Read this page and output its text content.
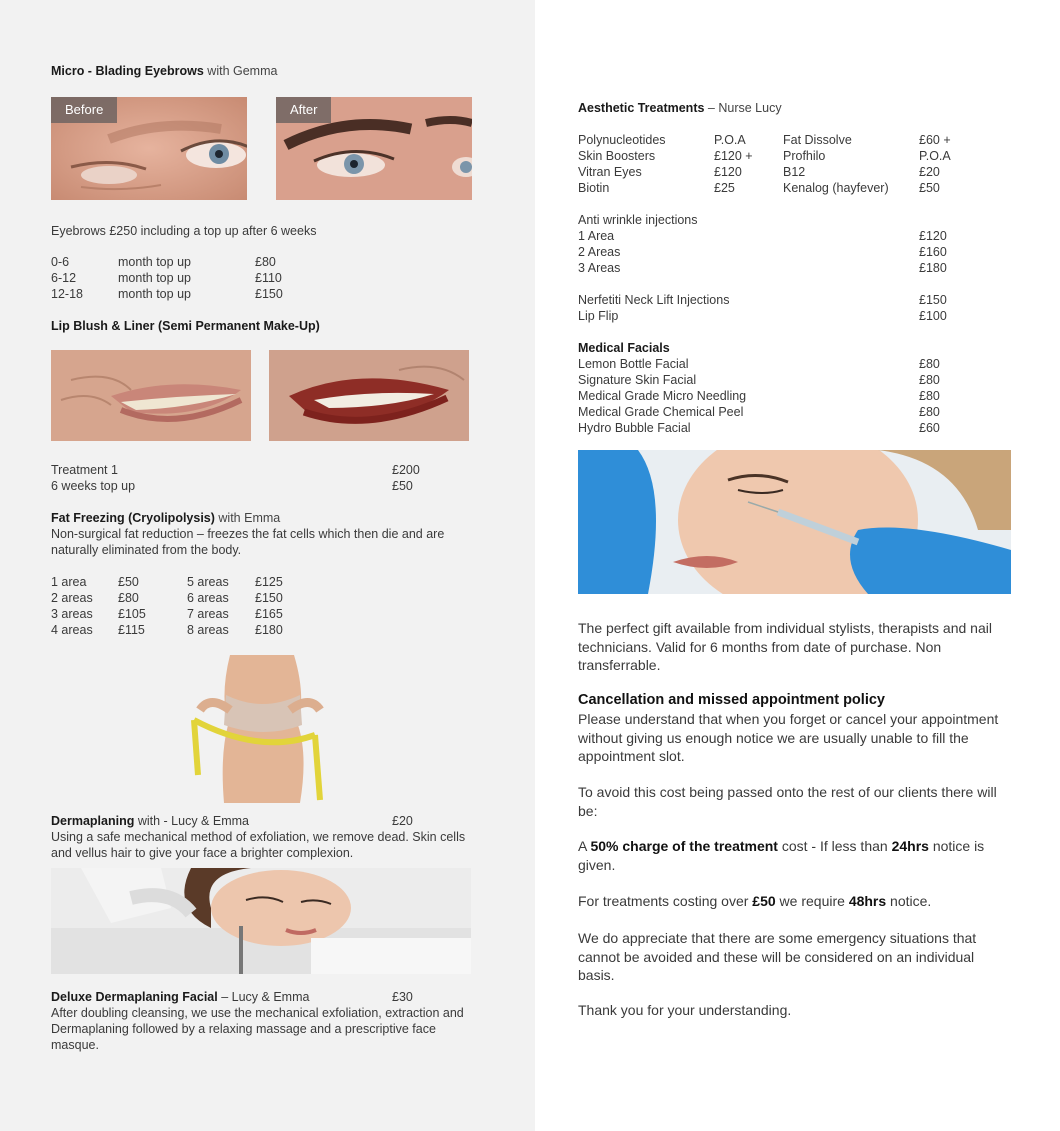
Micro - Blading Eyebrows with Gemma
Before	After
Eyebrows £250 including a top up after 6 weeks
0-6	month top up	£80
6-12	month top up	£110
12-18	month top up	£150
Lip Blush & Liner (Semi Permanent Make-Up)
Treatment 1	£200
6 weeks top up	£50
Fat Freezing (Cryolipolysis) with Emma
Non-surgical fat reduction – freezes the fat cells which then die and are naturally eliminated from the body.
1 area	£50	5 areas £125
2 areas £80	6 areas £150
3 areas £105	7 areas £165
4 areas £115	8 areas £180
Dermaplaning with - Lucy & Emma	£20
Using a safe mechanical method of exfoliation, we remove dead. Skin cells and vellus hair to give your face a brighter complexion.
Deluxe Dermaplaning Facial – Lucy & Emma	£30
After doubling cleansing, we use the mechanical exfoliation, extraction and Dermaplaning followed by a relaxing massage and a prescriptive face masque.
Aesthetic Treatments – Nurse Lucy
Polynucleotides	P.O.A	Fat Dissolve	£60 +
Skin Boosters	£120 + Profhilo	P.O.A
Vitran Eyes	£120	B12	£20
Biotin	£25	Kenalog (hayfever) £50
Anti wrinkle injections
1 Area	£120
2 Areas	£160
3 Areas	£180
Nerfetiti Neck Lift Injections	£150
Lip Flip	£100
Medical Facials
Lemon Bottle Facial	£80
Signature Skin Facial	£80
Medical Grade Micro Needling	£80
Medical Grade Chemical Peel	£80
Hydro Bubble Facial	£60
The perfect gift available from individual stylists, therapists and nail technicians. Valid for 6 months from date of purchase. Non transferrable.
Cancellation and missed appointment policy
Please understand that when you forget or cancel your appointment without giving us enough notice we are usually unable to fill the appointment slot.
To avoid this cost being passed onto the rest of our clients there will be:
A 50% charge of the treatment cost - If less than 24hrs notice is given.
For treatments costing over £50 we require 48hrs notice.
We do appreciate that there are some emergency situations that cannot be avoided and these will be considered on an individual basis.
Thank you for your understanding.
